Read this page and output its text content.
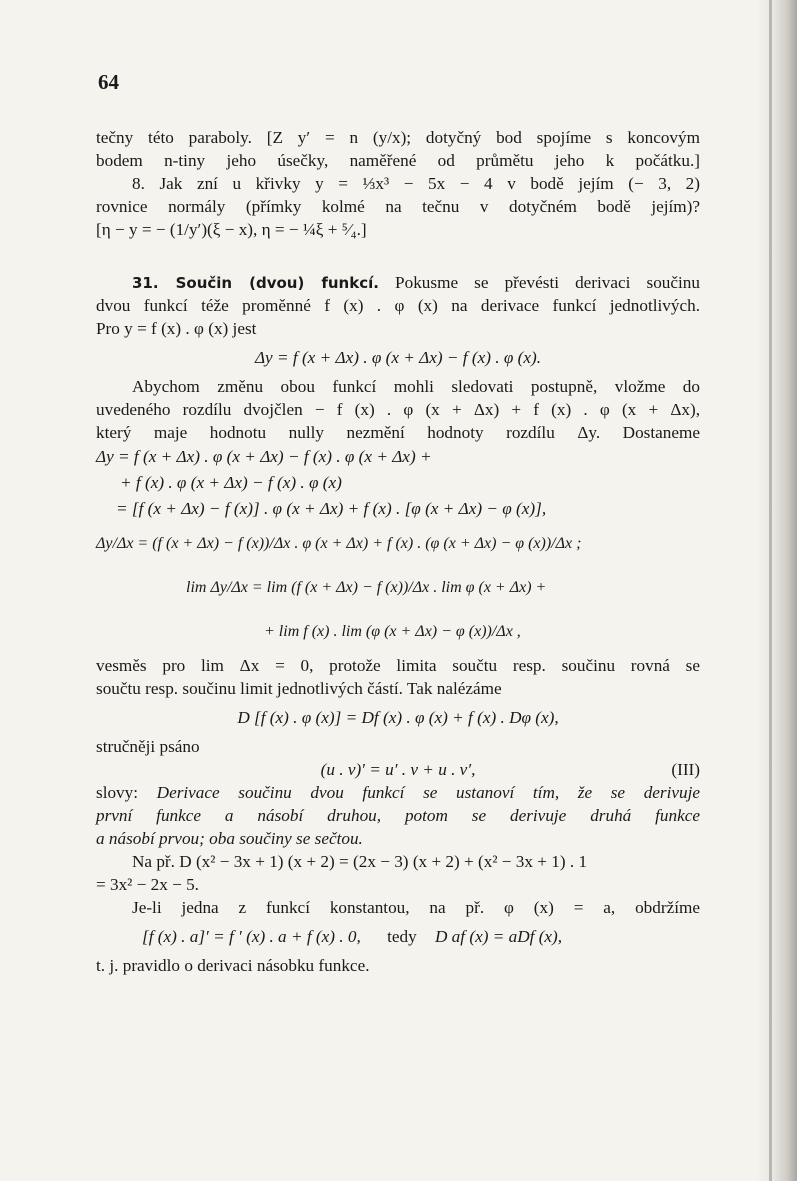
64
tečny této paraboly. [Z y′ = n (y/x); dotyčný bod spojíme s koncovým
bodem n-tiny jeho úsečky, naměřené od průmětu jeho k počátku.]
8. Jak zní u křivky y = ⅓x³ − 5x − 4 v bodě jejím (− 3, 2)
rovnice normály (přímky kolmé na tečnu v dotyčném bodě jejím)?
[η − y = − (1/y′)(ξ − x), η = − ¼ξ + ⁵⁄₄.]
31. Součin (dvou) funkcí. Pokusme se převésti derivaci součinu
dvou funkcí téže proměnné f (x) . φ (x) na derivace funkcí jednotlivých.
Pro y = f (x) . φ (x) jest
Δy = f (x + Δx) . φ (x + Δx) − f (x) . φ (x).
Abychom změnu obou funkcí mohli sledovati postupně, vložme do
uvedeného rozdílu dvojčlen − f (x) . φ (x + Δx) + f (x) . φ (x + Δx),
který maje hodnotu nully nezmění hodnoty rozdílu Δy. Dostaneme
Δy = f (x + Δx) . φ (x + Δx) − f (x) . φ (x + Δx) +
+ f (x) . φ (x + Δx) − f (x) . φ (x)
= [f (x + Δx) − f (x)] . φ (x + Δx) + f (x) . [φ (x + Δx) − φ (x)],
Δy/Δx = (f (x + Δx) − f (x))/Δx . φ (x + Δx) + f (x) . (φ (x + Δx) − φ (x))/Δx ;
lim Δy/Δx = lim (f (x + Δx) − f (x))/Δx . lim φ (x + Δx) +
+ lim f (x) . lim (φ (x + Δx) − φ (x))/Δx ,
vesměs pro lim Δx = 0, protože limita součtu resp. součinu rovná se
součtu resp. součinu limit jednotlivých částí. Tak nalézáme
D [f (x) . φ (x)] = Df (x) . φ (x) + f (x) . Dφ (x),
stručněji psáno
(u . v)′ = u′ . v + u . v′,	(III)
slovy: Derivace součinu dvou funkcí se ustanoví tím, že se derivuje
první funkce a násobí druhou, potom se derivuje druhá funkce
a násobí prvou; oba součiny se sečtou.
Na př. D (x² − 3x + 1) (x + 2) = (2x − 3) (x + 2) + (x² − 3x + 1) . 1
= 3x² − 2x − 5.
Je-li jedna z funkcí konstantou, na př. φ (x) = a, obdržíme
[f (x) . a]′ = f ′ (x) . a + f (x) . 0, tedy D af (x) = aDf (x),
t. j. pravidlo o derivaci násobku funkce.
